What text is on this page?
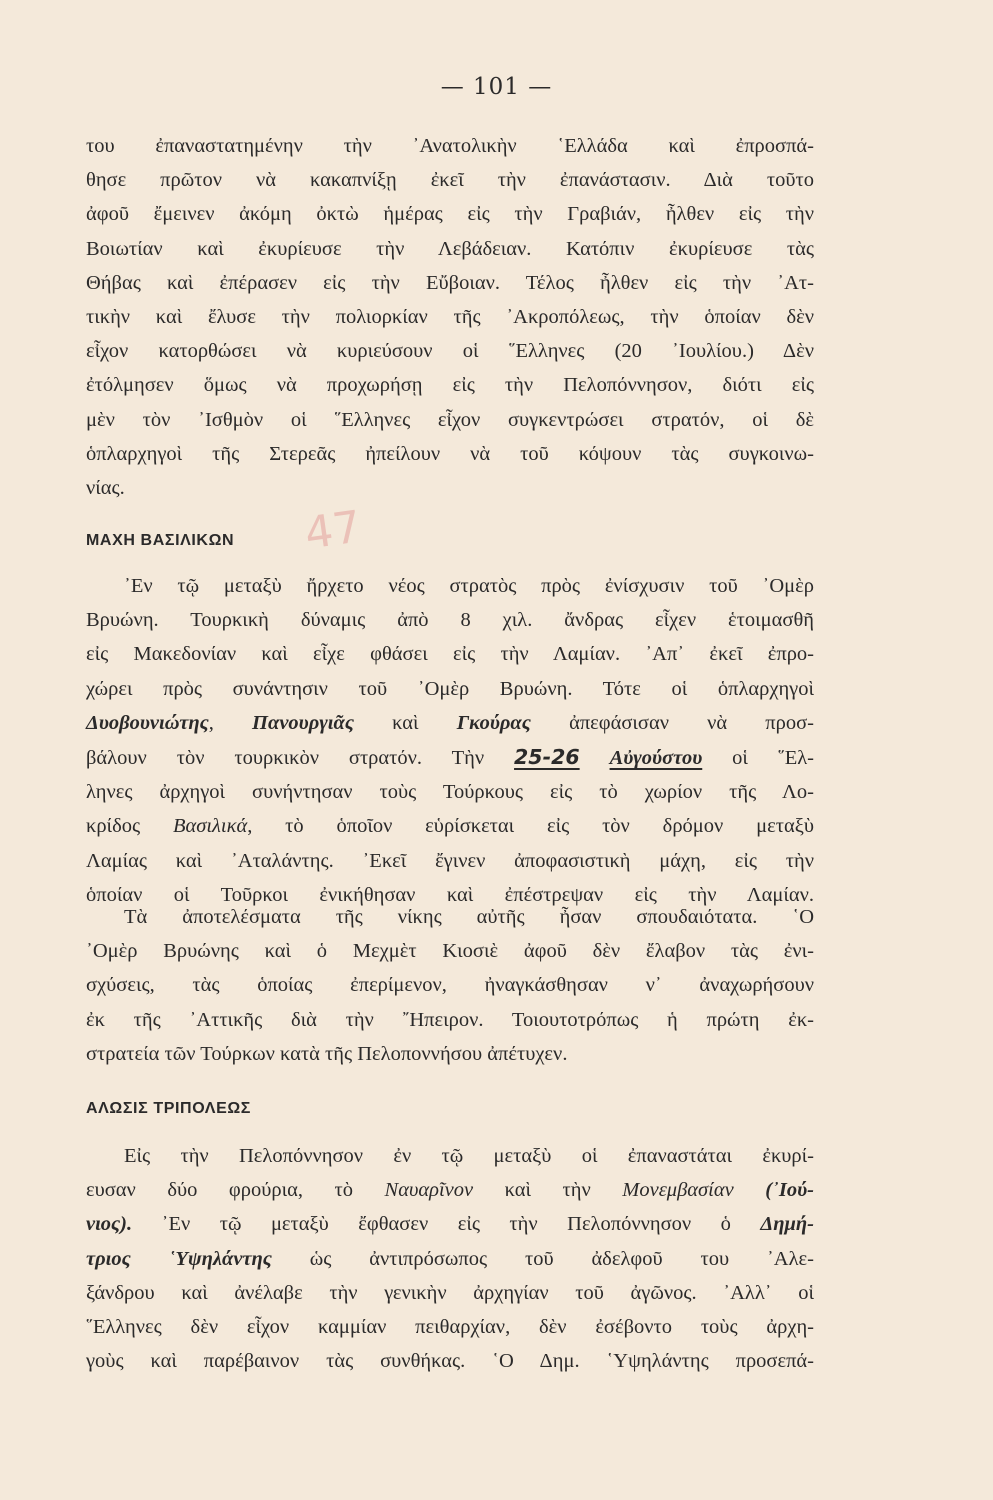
— 101 —
του ἐπαναστατημένην τὴν ᾿Ανατολικὴν ῾Ελλάδα καὶ ἐπροσπά-
θησε πρῶτον νὰ κακαπνίξῃ ἐκεῖ τὴν ἐπανάστασιν. Διὰ τοῦτο
ἀφοῦ ἔμεινεν ἀκόμη ὀκτὼ ἡμέρας εἰς τὴν Γραβιάν, ἦλθεν εἰς τὴν
Βοιωτίαν καὶ ἐκυρίευσε τὴν Λεβάδειαν. Κατόπιν ἐκυρίευσε τὰς
Θήβας καὶ ἐπέρασεν εἰς τὴν Εὔβοιαν. Τέλος ἦλθεν εἰς τὴν ᾿Ατ-
τικὴν καὶ ἔλυσε τὴν πολιορκίαν τῆς ᾿Ακροπόλεως, τὴν ὁποίαν δὲν
εἶχον κατορθώσει νὰ κυριεύσουν οἱ ῞Ελληνες (20 ᾿Ιουλίου.) Δὲν
ἐτόλμησεν ὅμως νὰ προχωρήσῃ εἰς τὴν Πελοπόννησον, διότι εἰς
μὲν τὸν ᾿Ισθμὸν οἱ ῞Ελληνες εἶχον συγκεντρώσει στρατόν, οἱ δὲ
ὁπλαρχηγοὶ τῆς Στερεᾶς ἠπείλουν νὰ τοῦ κόψουν τὰς συγκοινω-
νίας.
ΜΑΧΗ ΒΑΣΙΛΙΚΩΝ 47
᾿Εν τῷ μεταξὺ ἤρχετο νέος στρατὸς πρὸς ἐνίσχυσιν τοῦ ᾿Ομὲρ
Βρυώνη. Τουρκικὴ δύναμις ἀπὸ 8 χιλ. ἄνδρας εἶχεν ἑτοιμασθῆ
εἰς Μακεδονίαν καὶ εἶχε φθάσει εἰς τὴν Λαμίαν. ᾿Απ᾿ ἐκεῖ ἐπρο-
χώρει πρὸς συνάντησιν τοῦ ᾿Ομὲρ Βρυώνη. Τότε οἱ ὁπλαρχηγοὶ
Δυοβουνιώτης, Πανουργιᾶς καὶ Γκούρας ἀπεφάσισαν νὰ προσ-
βάλουν τὸν τουρκικὸν στρατόν. Τὴν 25-26 Αὐγούστου οἱ ῞Ελ-
ληνες ἀρχηγοὶ συνήντησαν τοὺς Τούρκους εἰς τὸ χωρίον τῆς Λο-
κρίδος Βασιλικά, τὸ ὁποῖον εὑρίσκεται εἰς τὸν δρόμον μεταξὺ
Λαμίας καὶ ᾿Αταλάντης. ᾿Εκεῖ ἔγινεν ἀποφασιστικὴ μάχη, εἰς τὴν
ὁποίαν οἱ Τοῦρκοι ἐνικήθησαν καὶ ἐπέστρεψαν εἰς τὴν Λαμίαν.
Τὰ ἀποτελέσματα τῆς νίκης αὐτῆς ἦσαν σπουδαιότατα. ῾Ο
᾿Ομὲρ Βρυώνης καὶ ὁ Μεχμὲτ Κιοσιὲ ἀφοῦ δὲν ἔλαβον τὰς ἐνι-
σχύσεις, τὰς ὁποίας ἐπερίμενον, ἠναγκάσθησαν ν᾿ ἀναχωρήσουν
ἐκ τῆς ᾿Αττικῆς διὰ τὴν ῎Ηπειρον. Τοιουτοτρόπως ἡ πρώτη ἐκ-
στρατεία τῶν Τούρκων κατὰ τῆς Πελοποννήσου ἀπέτυχεν.
ΑΛΩΣΙΣ ΤΡΙΠΟΛΕΩΣ
Εἰς τὴν Πελοπόννησον ἐν τῷ μεταξὺ οἱ ἐπαναστάται ἐκυρί-
ευσαν δύο φρούρια, τὸ Ναυαρῖνον καὶ τὴν Μονεμβασίαν (᾿Ιού-
νιος). ᾿Εν τῷ μεταξὺ ἔφθασεν εἰς τὴν Πελοπόννησον ὁ Δημή-
τριος ῾Υψηλάντης ὡς ἀντιπρόσωπος τοῦ ἀδελφοῦ του ᾿Αλε-
ξάνδρου καὶ ἀνέλαβε τὴν γενικὴν ἀρχηγίαν τοῦ ἀγῶνος. ᾿Αλλ᾿ οἱ
῞Ελληνες δὲν εἶχον καμμίαν πειθαρχίαν, δὲν ἐσέβοντο τοὺς ἀρχη-
γοὺς καὶ παρέβαινον τὰς συνθήκας. ῾Ο Δημ. ῾Υψηλάντης προσεπά-
